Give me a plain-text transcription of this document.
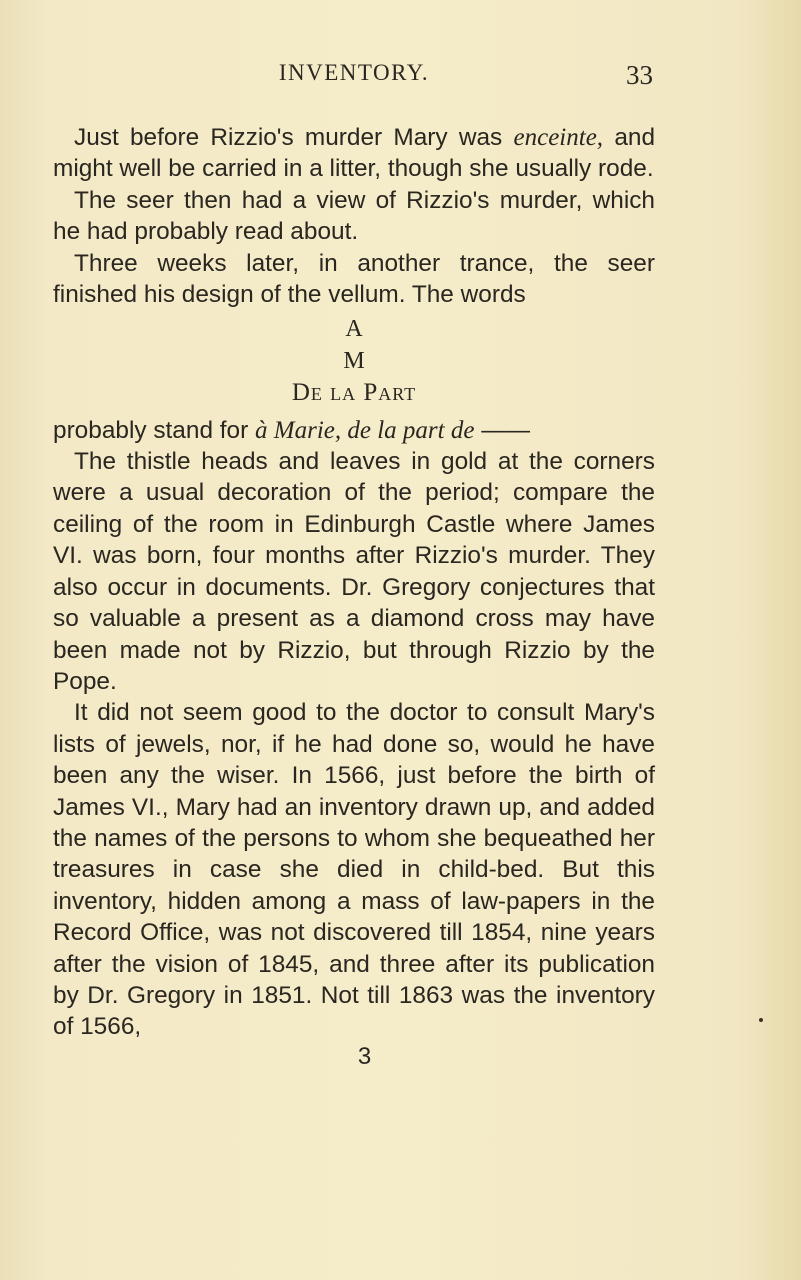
INVENTORY.	33

Just before Rizzio's murder Mary was enceinte, and might well be carried in a litter, though she usually rode.

The seer then had a view of Rizzio's murder, which he had probably read about.

Three weeks later, in another trance, the seer finished his design of the vellum. The words

A
M
De la Part

probably stand for à Marie, de la part de ——

The thistle heads and leaves in gold at the corners were a usual decoration of the period; compare the ceiling of the room in Edinburgh Castle where James VI. was born, four months after Rizzio's murder. They also occur in documents. Dr. Gregory conjectures that so valuable a present as a diamond cross may have been made not by Rizzio, but through Rizzio by the Pope.

It did not seem good to the doctor to consult Mary's lists of jewels, nor, if he had done so, would he have been any the wiser. In 1566, just before the birth of James VI., Mary had an inventory drawn up, and added the names of the persons to whom she bequeathed her treasures in case she died in child-bed. But this inventory, hidden among a mass of law-papers in the Record Office, was not discovered till 1854, nine years after the vision of 1845, and three after its publication by Dr. Gregory in 1851. Not till 1863 was the inventory of 1566,

3
